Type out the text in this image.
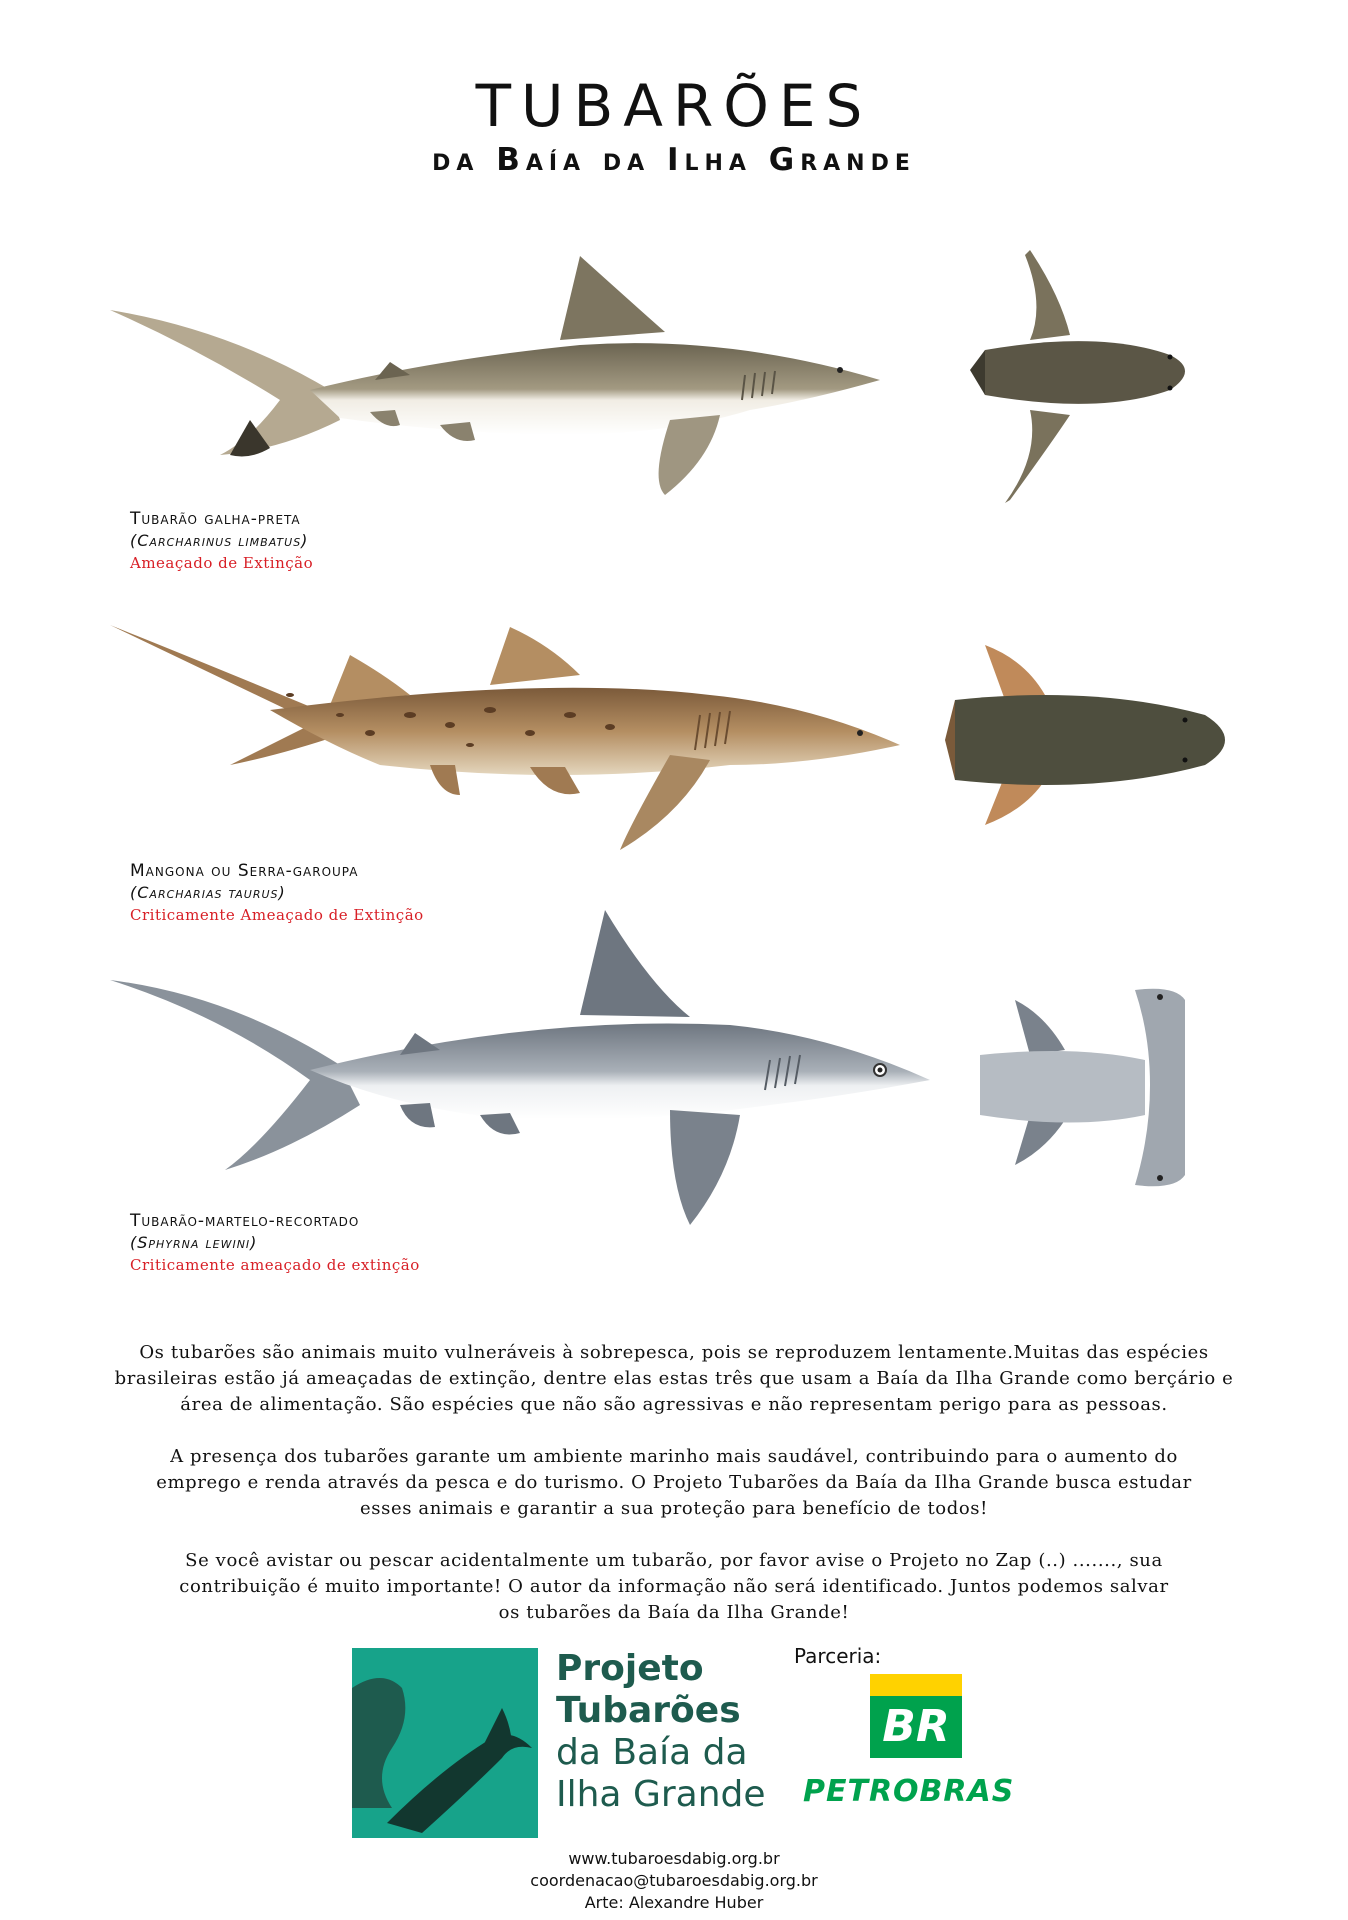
TUBARÕES
da Baía da Ilha Grande
Tubarão galha-preta
(Carcharinus limbatus)
Ameaçado de Extinção
Mangona ou Serra-garoupa
(Carcharias taurus)
Criticamente Ameaçado de Extinção
Tubarão-martelo-recortado
(Sphyrna lewini)
Criticamente ameaçado de extinção

Os tubarões são animais muito vulneráveis à sobrepesca, pois se reproduzem lentamente.Muitas das espécies brasileiras estão já ameaçadas de extinção, dentre elas estas três que usam a Baía da Ilha Grande como berçário e área de alimentação. São espécies que não são agressivas e não representam perigo para as pessoas.

A presença dos tubarões garante um ambiente marinho mais saudável, contribuindo para o aumento do emprego e renda através da pesca e do turismo. O Projeto Tubarões da Baía da Ilha Grande busca estudar esses animais e garantir a sua proteção para benefício de todos!

Se você avistar ou pescar acidentalmente um tubarão, por favor avise o Projeto no Zap (..) ......., sua contribuição é muito importante! O autor da informação não será identificado. Juntos podemos salvar os tubarões da Baía da Ilha Grande!

Projeto
Tubarões
da Baía da
Ilha Grande
Parceria:
BR
PETROBRAS
www.tubaroesdabig.org.br
coordenacao@tubaroesdabig.org.br
Arte: Alexandre Huber
